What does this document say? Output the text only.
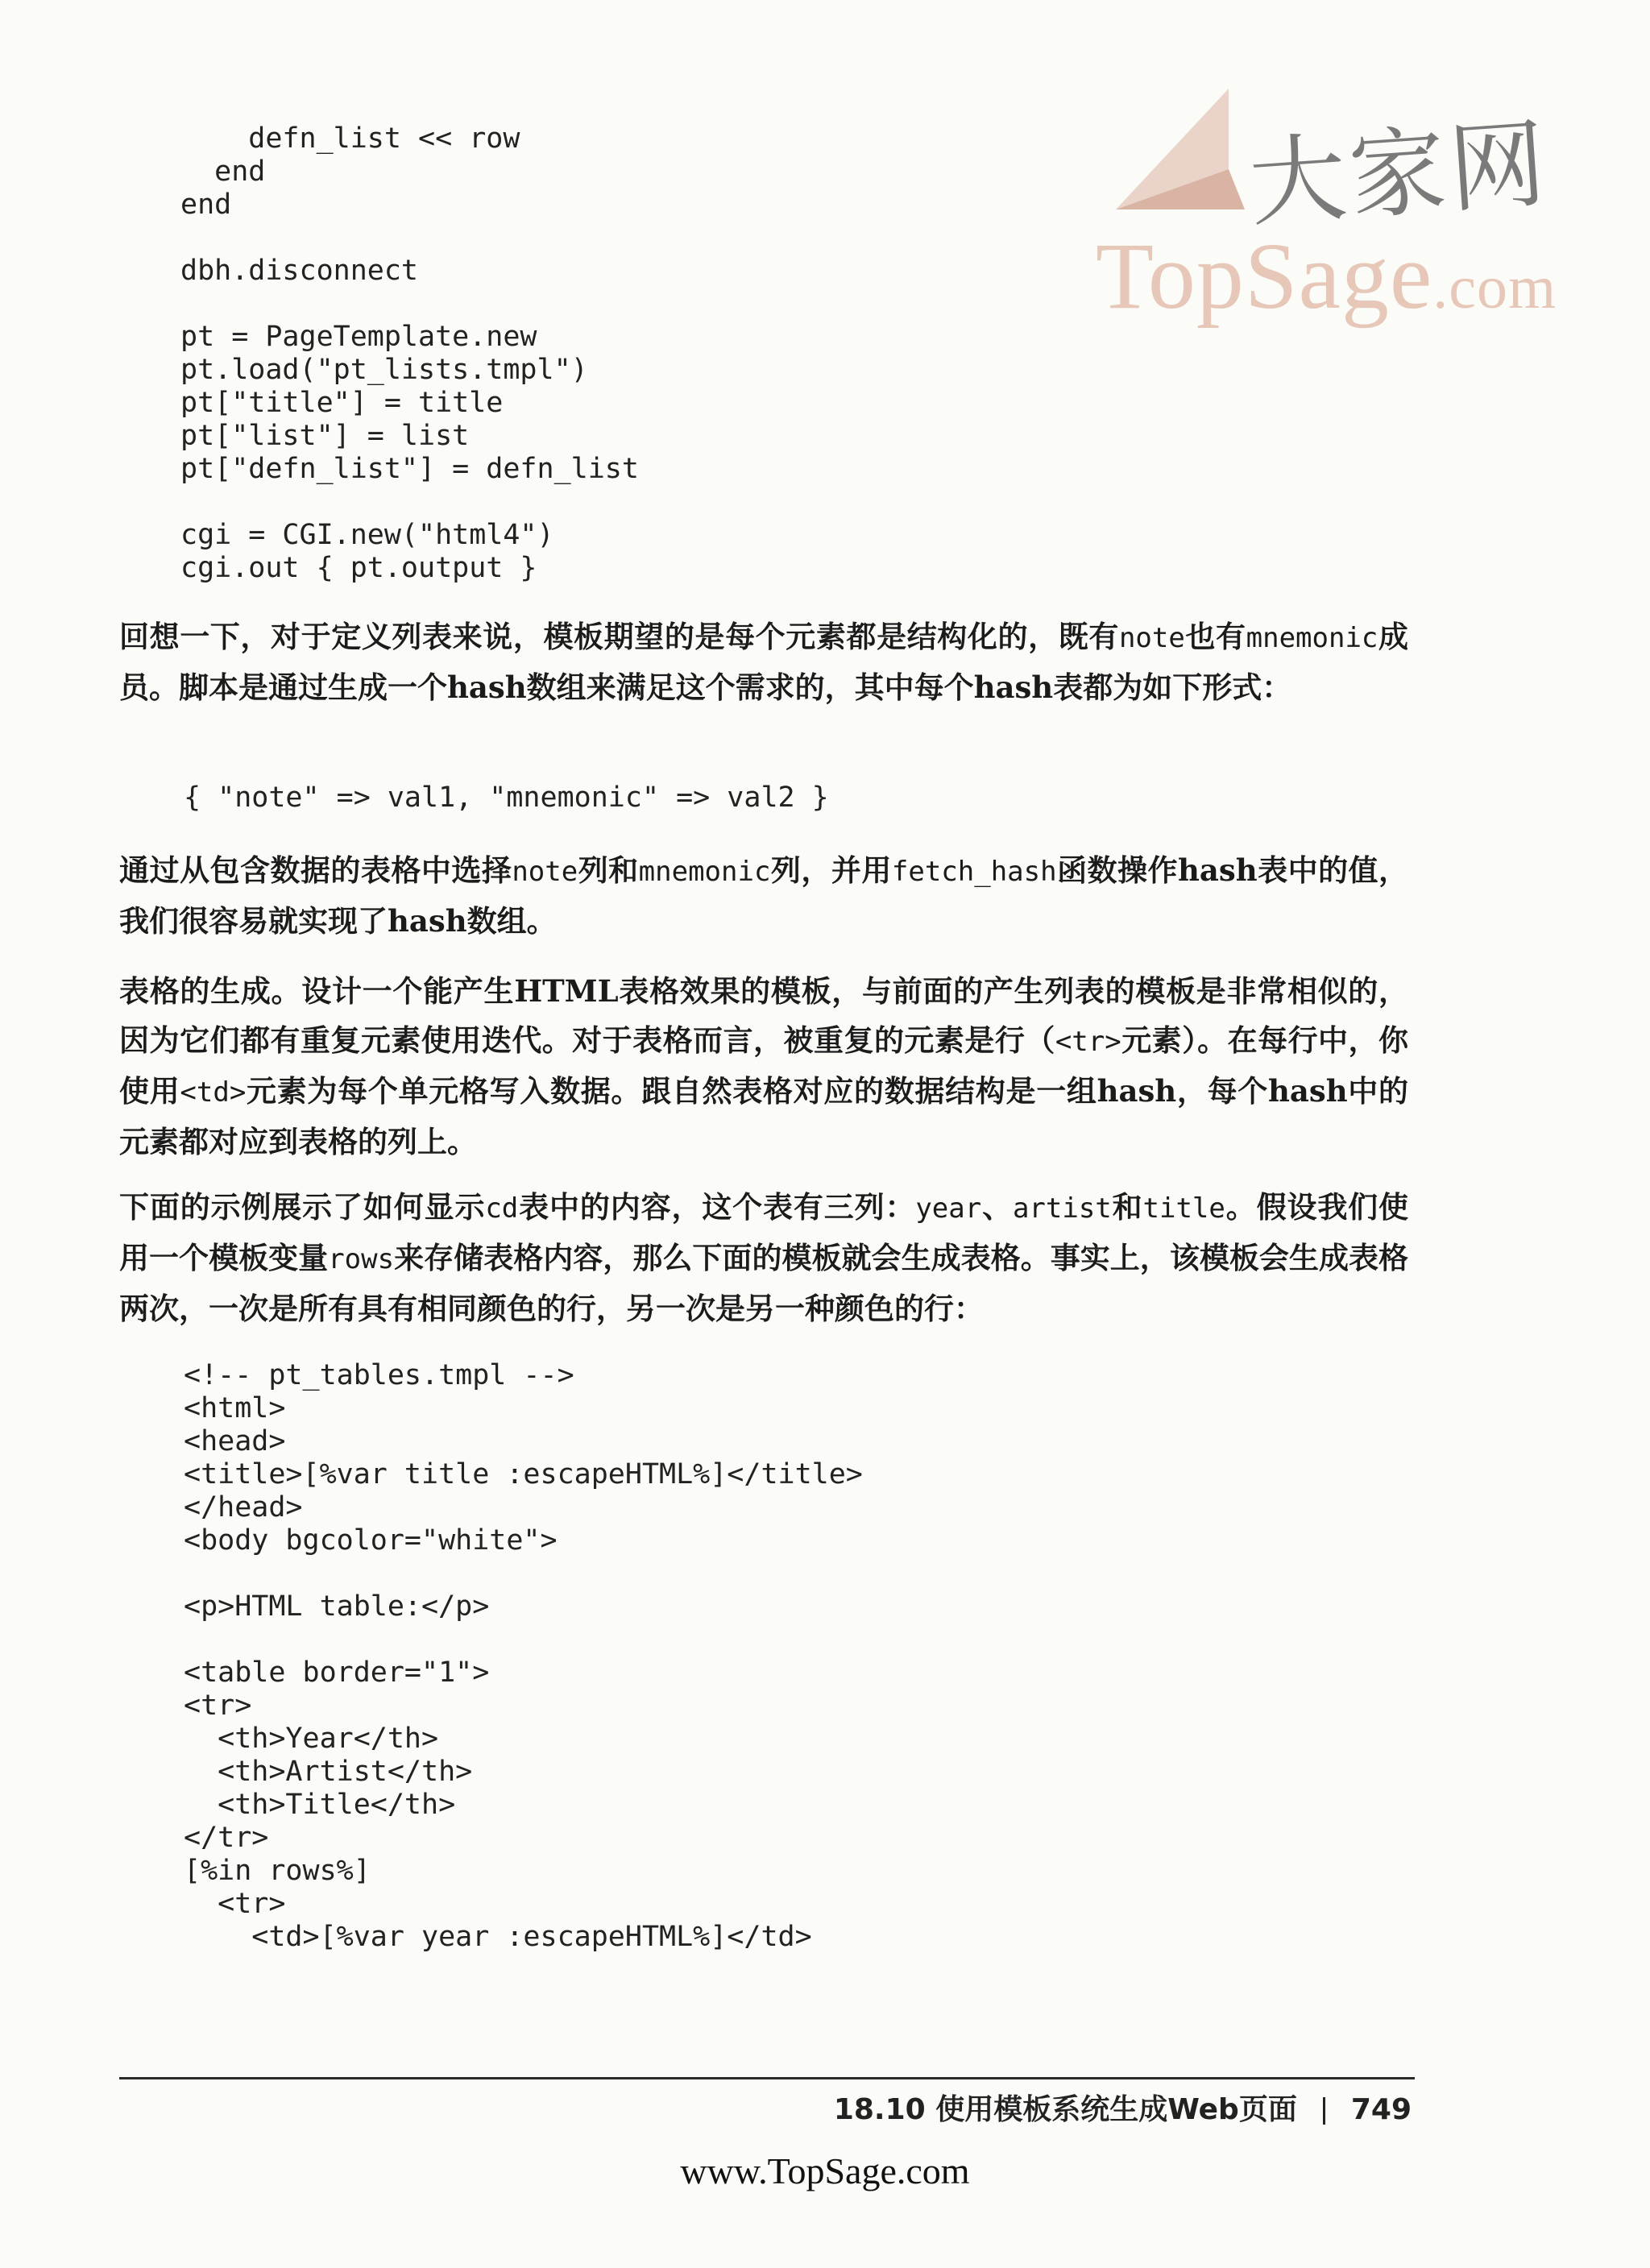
大家网
TopSage.com
defn_list << row
end
end

dbh.disconnect

pt = PageTemplate.new
pt.load("pt_lists.tmpl")
pt["title"] = title
pt["list"] = list
pt["defn_list"] = defn_list

cgi = CGI.new("html4")
cgi.out { pt.output }

回想一下，对于定义列表来说，模板期望的是每个元素都是结构化的，既有note也有mnemonic成员。脚本是通过生成一个hash数组来满足这个需求的，其中每个hash表都为如下形式：

{ "note" => val1, "mnemonic" => val2 }

通过从包含数据的表格中选择note列和mnemonic列，并用fetch_hash函数操作hash表中的值，我们很容易就实现了hash数组。

表格的生成。设计一个能产生HTML表格效果的模板，与前面的产生列表的模板是非常相似的，因为它们都有重复元素使用迭代。对于表格而言，被重复的元素是行（<tr>元素）。在每行中，你使用<td>元素为每个单元格写入数据。跟自然表格对应的数据结构是一组hash，每个hash中的元素都对应到表格的列上。

下面的示例展示了如何显示cd表中的内容，这个表有三列：year、artist和title。假设我们使用一个模板变量rows来存储表格内容，那么下面的模板就会生成表格。事实上，该模板会生成表格两次，一次是所有具有相同颜色的行，另一次是另一种颜色的行：

<!-- pt_tables.tmpl -->
<html>
<head>
<title>[%var title :escapeHTML%]</title>
</head>
<body bgcolor="white">

<p>HTML table:</p>

<table border="1">
<tr>
<th>Year</th>
<th>Artist</th>
<th>Title</th>
</tr>
[%in rows%]
<tr>
<td>[%var year :escapeHTML%]</td>
18.10 使用模板系统生成Web页面 749
www.TopSage.com
